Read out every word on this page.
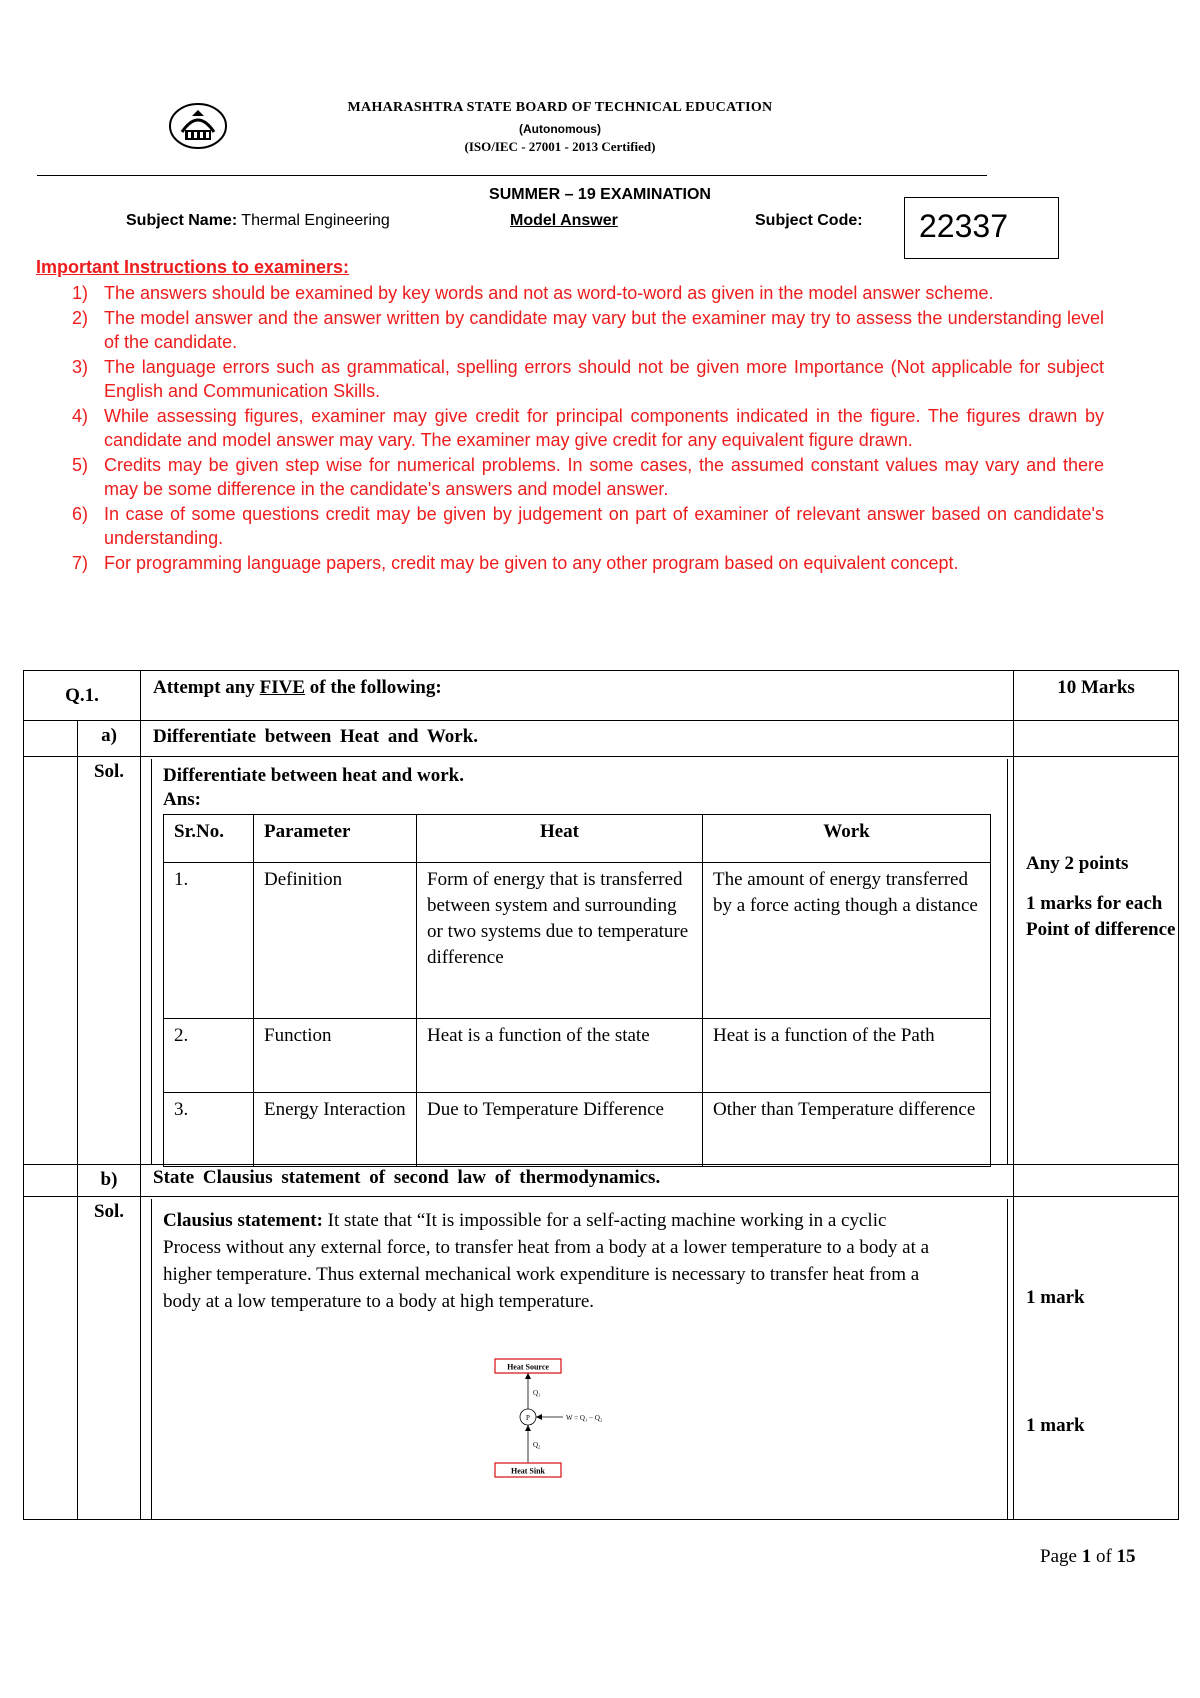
MAHARASHTRA STATE BOARD OF TECHNICAL EDUCATION
(Autonomous)
(ISO/IEC - 27001 - 2013 Certified)
SUMMER – 19 EXAMINATION
Subject Name: Thermal Engineering	Model Answer	Subject Code:	22337
Important Instructions to examiners:
1) The answers should be examined by key words and not as word-to-word as given in the model answer scheme.
2) The model answer and the answer written by candidate may vary but the examiner may try to assess the understanding level of the candidate.
3) The language errors such as grammatical, spelling errors should not be given more Importance (Not applicable for subject English and Communication Skills.
4) While assessing figures, examiner may give credit for principal components indicated in the figure. The figures drawn by candidate and model answer may vary. The examiner may give credit for any equivalent figure drawn.
5) Credits may be given step wise for numerical problems. In some cases, the assumed constant values may vary and there may be some difference in the candidate's answers and model answer.
6) In case of some questions credit may be given by judgement on part of examiner of relevant answer based on candidate's understanding.
7) For programming language papers, credit may be given to any other program based on equivalent concept.
Q.1.	Attempt any FIVE of the following:	10 Marks
	a)	Differentiate between Heat and Work.	
	Sol.	Differentiate between heat and work.
Ans:
Sr.No.	Parameter	Heat	Work
1.	Definition	Form of energy that is transferred between system and surrounding or two systems due to temperature difference	The amount of energy transferred by a force acting though a distance
2.	Function	Heat is a function of the state	Heat is a function of the Path
3.	Energy Interaction	Due to Temperature Difference	Other than Temperature difference

Any 2 points
1 marks for each Point of difference

	b)	State Clausius statement of second law of thermodynamics.	
	Sol.	Clausius statement: It state that “It is impossible for a self-acting machine working in a cyclic Process without any external force, to transfer heat from a body at a lower temperature to a body at a higher temperature. Thus external mechanical work expenditure is necessary to transfer heat from a body at a low temperature to a body at high temperature.
Heat Source
Q₁
P	W = Q₁ − Q₂
Q₂
Heat Sink

1 mark
1 mark
Page 1 of 15
